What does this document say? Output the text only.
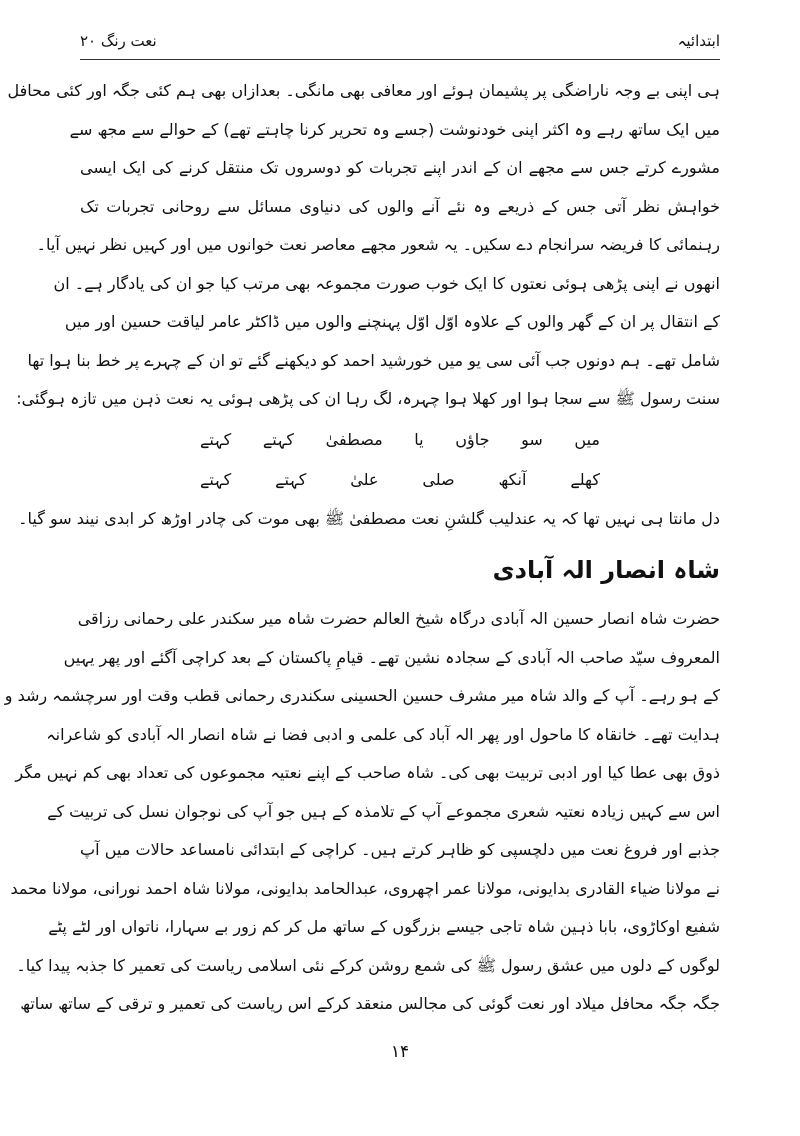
ابتدائیہ
نعت رنگ ۲۰
ہی اپنی بے وجہ ناراضگی پر پشیمان ہوئے اور معافی بھی مانگی۔ بعدازاں بھی ہم کئی جگہ اور کئی محافل
میں ایک ساتھ رہے وہ اکثر اپنی خودنوشت (جسے وہ تحریر کرنا چاہتے تھے) کے حوالے سے مجھ سے
مشورے کرتے جس سے مجھے ان کے اندر اپنے تجربات کو دوسروں تک منتقل کرنے کی ایک ایسی
خواہش نظر آتی جس کے ذریعے وہ نئے آنے والوں کی دنیاوی مسائل سے روحانی تجربات تک
رہنمائی کا فریضہ سرانجام دے سکیں۔ یہ شعور مجھے معاصر نعت خوانوں میں اور کہیں نظر نہیں آیا۔
انھوں نے اپنی پڑھی ہوئی نعتوں کا ایک خوب صورت مجموعہ بھی مرتب کیا جو ان کی یادگار ہے۔ ان
کے انتقال پر ان کے گھر والوں کے علاوہ اوّل اوّل پہنچنے والوں میں ڈاکٹر عامر لیاقت حسین اور میں
شامل تھے۔ ہم دونوں جب آئی سی یو میں خورشید احمد کو دیکھنے گئے تو ان کے چہرے پر خط بنا ہوا تھا
سنت رسول ﷺ سے سجا ہوا اور کھلا ہوا چہرہ، لگ رہا ان کی پڑھی ہوئی یہ نعت ذہن میں تازہ ہوگئی:
میں سو جاؤں یا مصطفیٰ کہتے کہتے
کھلے آنکھ صلی علیٰ کہتے کہتے
دل مانتا ہی نہیں تھا کہ یہ عندلیب گلشنِ نعت مصطفیٰ ﷺ بھی موت کی چادر اوڑھ کر ابدی نیند سو گیا۔
شاہ انصار الہ آبادی
حضرت شاہ انصار حسین الہ آبادی درگاہ شیخ العالم حضرت شاہ میر سکندر علی رحمانی رزاقی
المعروف سیّد صاحب الہ آبادی کے سجادہ نشین تھے۔ قیامِ پاکستان کے بعد کراچی آگئے اور پھر یہیں
کے ہو رہے۔ آپ کے والد شاہ میر مشرف حسین الحسینی سکندری رحمانی قطب وقت اور سرچشمہ رشد و
ہدایت تھے۔ خانقاہ کا ماحول اور پھر الہ آباد کی علمی و ادبی فضا نے شاہ انصار الہ آبادی کو شاعرانہ
ذوق بھی عطا کیا اور ادبی تربیت بھی کی۔ شاہ صاحب کے اپنے نعتیہ مجموعوں کی تعداد بھی کم نہیں مگر
اس سے کہیں زیادہ نعتیہ شعری مجموعے آپ کے تلامذہ کے ہیں جو آپ کی نوجوان نسل کی تربیت کے
جذبے اور فروغ نعت میں دلچسپی کو ظاہر کرتے ہیں۔ کراچی کے ابتدائی نامساعد حالات میں آپ
نے مولانا ضیاء القادری بدایونی، مولانا عمر اچھروی، عبدالحامد بدایونی، مولانا شاہ احمد نورانی، مولانا محمد
شفیع اوکاڑوی، بابا ذہین شاہ تاجی جیسے بزرگوں کے ساتھ مل کر کم زور بے سہارا، ناتواں اور لٹے پٹے
لوگوں کے دلوں میں عشق رسول ﷺ کی شمع روشن کرکے نئی اسلامی ریاست کی تعمیر کا جذبہ پیدا کیا۔
جگہ جگہ محافل میلاد اور نعت گوئی کی مجالس منعقد کرکے اس ریاست کی تعمیر و ترقی کے ساتھ ساتھ
۱۴
